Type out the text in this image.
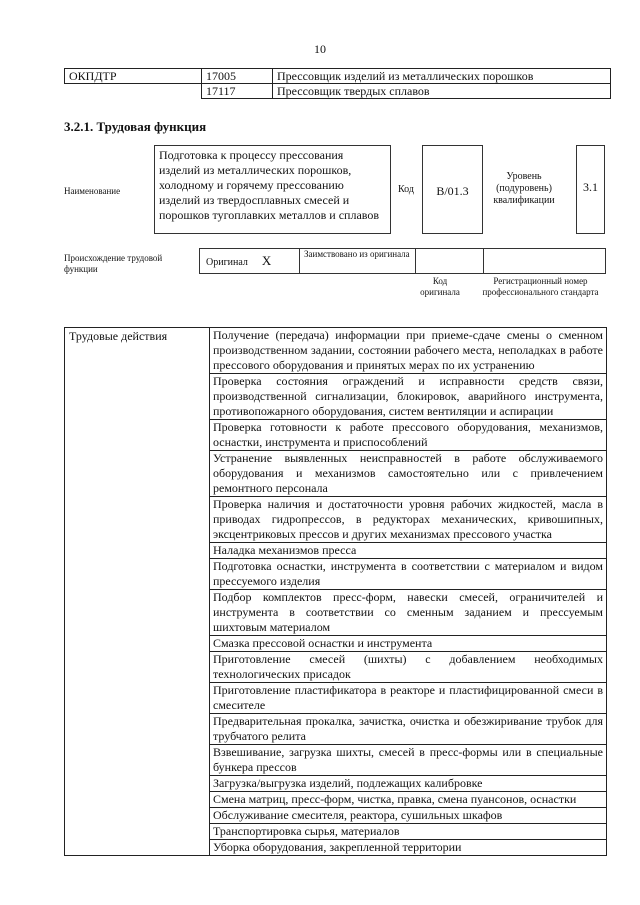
10
ОКПДТР	17005	Прессовщик изделий из металлических порошков
	17117	Прессовщик твердых сплавов
3.2.1. Трудовая функция
Наименование
Подготовка к процессу прессования изделий из металлических порошков, холодному и горячему прессованию изделий из твердосплавных смесей и порошков тугоплавких металлов и сплавов
Код	B/01.3
Уровень (подуровень) квалификации
3.1
Происхождение трудовой функции
Оригинал X	Заимствовано из оригинала		
Код оригинала
Регистрационный номер профессионального стандарта
Трудовые действия	Получение (передача) информации при приеме-сдаче смены о сменном производственном задании, состоянии рабочего места, неполадках в работе прессового оборудования и принятых мерах по их устранению
Проверка состояния ограждений и исправности средств связи, производственной сигнализации, блокировок, аварийного инструмента, противопожарного оборудования, систем вентиляции и аспирации
Проверка готовности к работе прессового оборудования, механизмов, оснастки, инструмента и приспособлений
Устранение выявленных неисправностей в работе обслуживаемого оборудования и механизмов самостоятельно или с привлечением ремонтного персонала
Проверка наличия и достаточности уровня рабочих жидкостей, масла в приводах гидропрессов, в редукторах механических, кривошипных, эксцентриковых прессов и других механизмах прессового участка
Наладка механизмов пресса
Подготовка оснастки, инструмента в соответствии с материалом и видом прессуемого изделия
Подбор комплектов пресс-форм, навески смесей, ограничителей и инструмента в соответствии со сменным заданием и прессуемым шихтовым материалом
Смазка прессовой оснастки и инструмента
Приготовление смесей (шихты) с добавлением необходимых технологических присадок
Приготовление пластификатора в реакторе и пластифицированной смеси в смесителе
Предварительная прокалка, зачистка, очистка и обезжиривание трубок для трубчатого релита
Взвешивание, загрузка шихты, смесей в пресс-формы или в специальные бункера прессов
Загрузка/выгрузка изделий, подлежащих калибровке
Смена матриц, пресс-форм, чистка, правка, смена пуансонов, оснастки
Обслуживание смесителя, реактора, сушильных шкафов
Транспортировка сырья, материалов
Уборка оборудования, закрепленной территории
